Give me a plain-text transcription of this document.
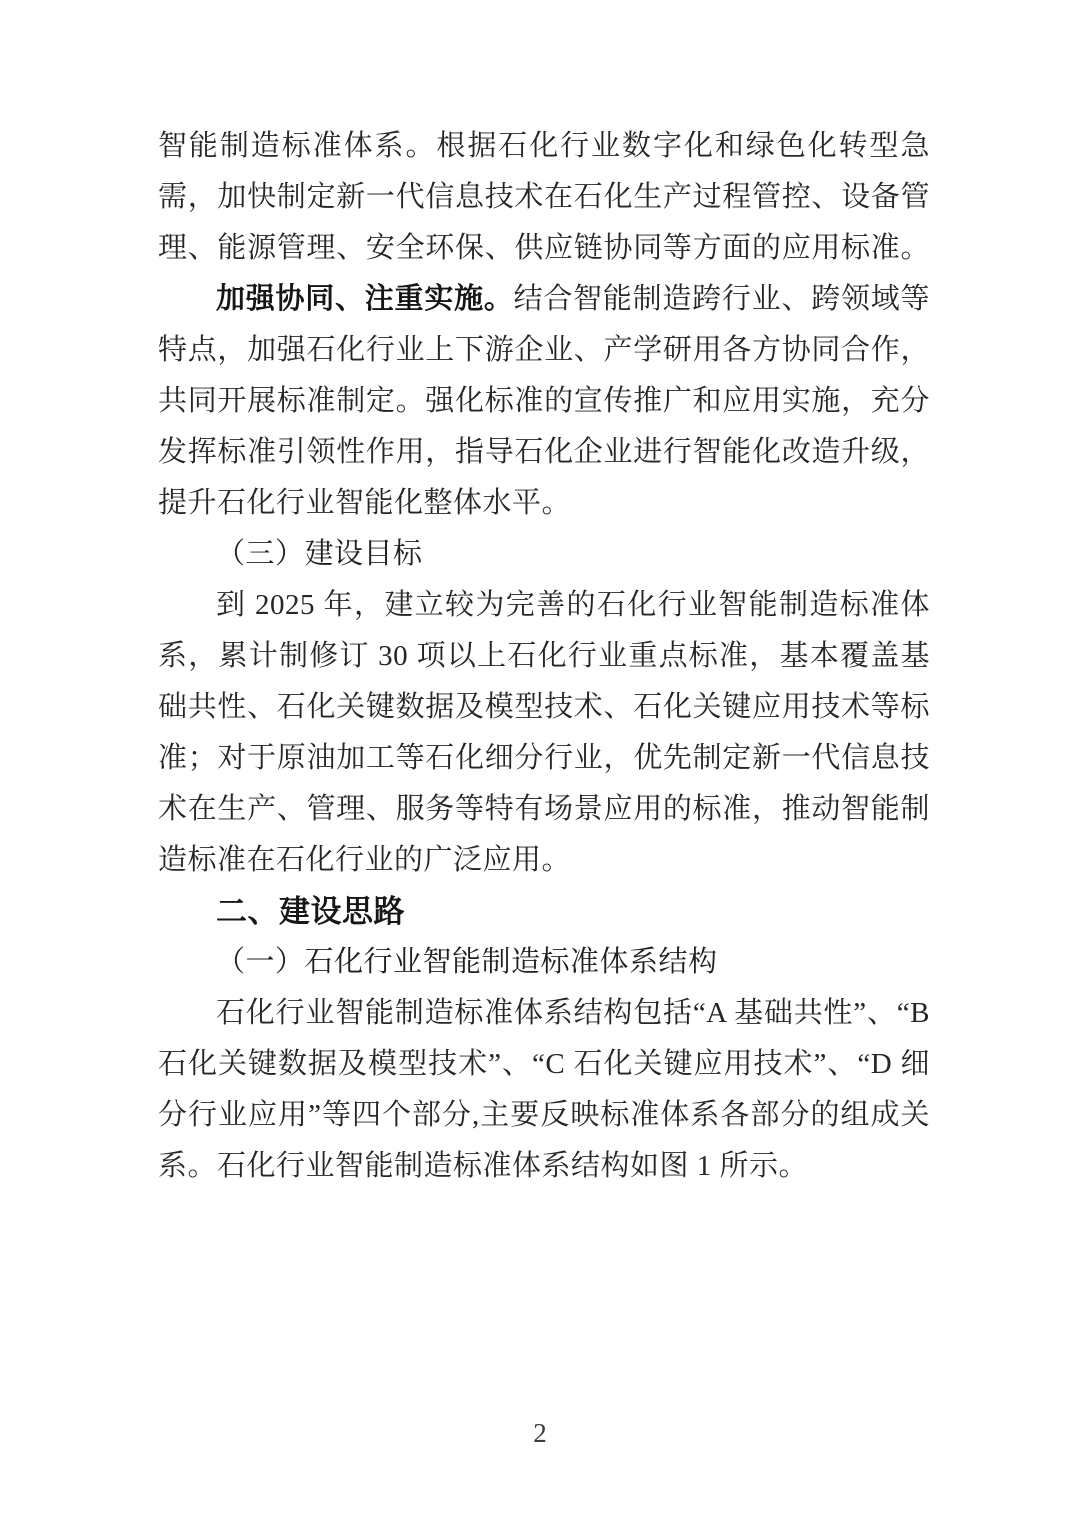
智能制造标准体系。根据石化行业数字化和绿色化转型急
需，加快制定新一代信息技术在石化生产过程管控、设备管
理、能源管理、安全环保、供应链协同等方面的应用标准。
加强协同、注重实施。结合智能制造跨行业、跨领域等
特点，加强石化行业上下游企业、产学研用各方协同合作，
共同开展标准制定。强化标准的宣传推广和应用实施，充分
发挥标准引领性作用，指导石化企业进行智能化改造升级，
提升石化行业智能化整体水平。
（三）建设目标
到 2025 年，建立较为完善的石化行业智能制造标准体
系，累计制修订 30 项以上石化行业重点标准，基本覆盖基
础共性、石化关键数据及模型技术、石化关键应用技术等标
准；对于原油加工等石化细分行业，优先制定新一代信息技
术在生产、管理、服务等特有场景应用的标准，推动智能制
造标准在石化行业的广泛应用。
二、建设思路
（一）石化行业智能制造标准体系结构
石化行业智能制造标准体系结构包括“A 基础共性”、“B
石化关键数据及模型技术”、“C 石化关键应用技术”、“D 细
分行业应用”等四个部分,主要反映标准体系各部分的组成关
系。石化行业智能制造标准体系结构如图 1 所示。
2
